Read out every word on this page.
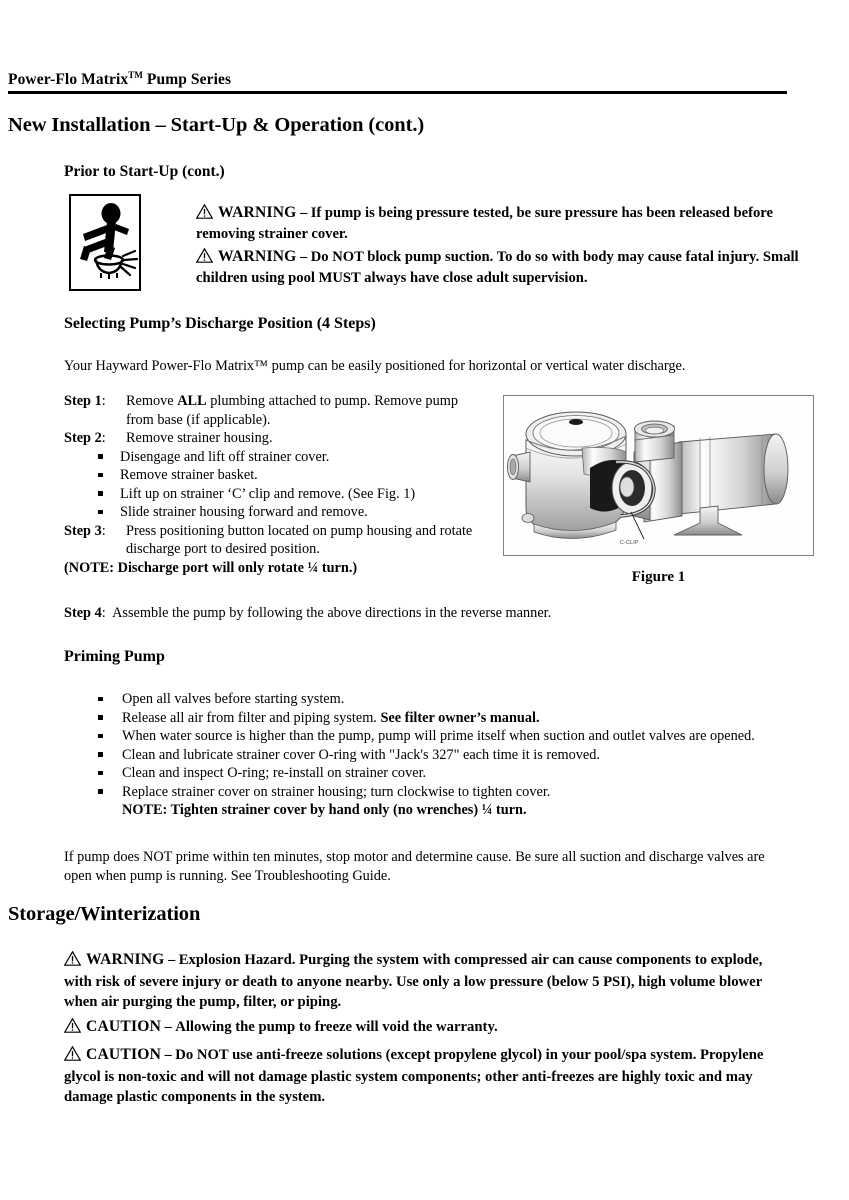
Power-Flo Matrix™ Pump Series
New Installation – Start-Up & Operation (cont.)
Prior to Start-Up (cont.)

WARNING – If pump is being pressure tested, be sure pressure has been released before removing strainer cover.

WARNING – Do NOT block pump suction. To do so with body may cause fatal injury. Small children using pool MUST always have close adult supervision.

Selecting Pump’s Discharge Position (4 Steps)
Your Hayward Power-Flo Matrix™ pump can be easily positioned for horizontal or vertical water discharge.
Step 1:	Remove ALL plumbing attached to pump. Remove pump from base (if applicable).
Step 2:	Remove strainer housing.
Disengage and lift off strainer cover.
Remove strainer basket.
Lift up on strainer ‘C’ clip and remove. (See Fig. 1)
Slide strainer housing forward and remove.
Step 3:	Press positioning button located on pump housing and rotate discharge port to desired position.
(NOTE: Discharge port will only rotate ¼ turn.)
C-CLIP
Figure 1
Step 4: Assemble the pump by following the above directions in the reverse manner.
Priming Pump
Open all valves before starting system.
Release all air from filter and piping system. See filter owner’s manual.
When water source is higher than the pump, pump will prime itself when suction and outlet valves are opened.
Clean and lubricate strainer cover O-ring with "Jack's 327" each time it is removed.
Clean and inspect O-ring; re-install on strainer cover.
Replace strainer cover on strainer housing; turn clockwise to tighten cover.
NOTE: Tighten strainer cover by hand only (no wrenches) ¼ turn.
If pump does NOT prime within ten minutes, stop motor and determine cause. Be sure all suction and discharge valves are open when pump is running. See Troubleshooting Guide.
Storage/Winterization

WARNING – Explosion Hazard. Purging the system with compressed air can cause components to explode, with risk of severe injury or death to anyone nearby. Use only a low pressure (below 5 PSI), high volume blower when air purging the pump, filter, or piping.

CAUTION – Allowing the pump to freeze will void the warranty.

CAUTION – Do NOT use anti-freeze solutions (except propylene glycol) in your pool/spa system. Propylene glycol is non-toxic and will not damage plastic system components; other anti-freezes are highly toxic and may damage plastic components in the system.
